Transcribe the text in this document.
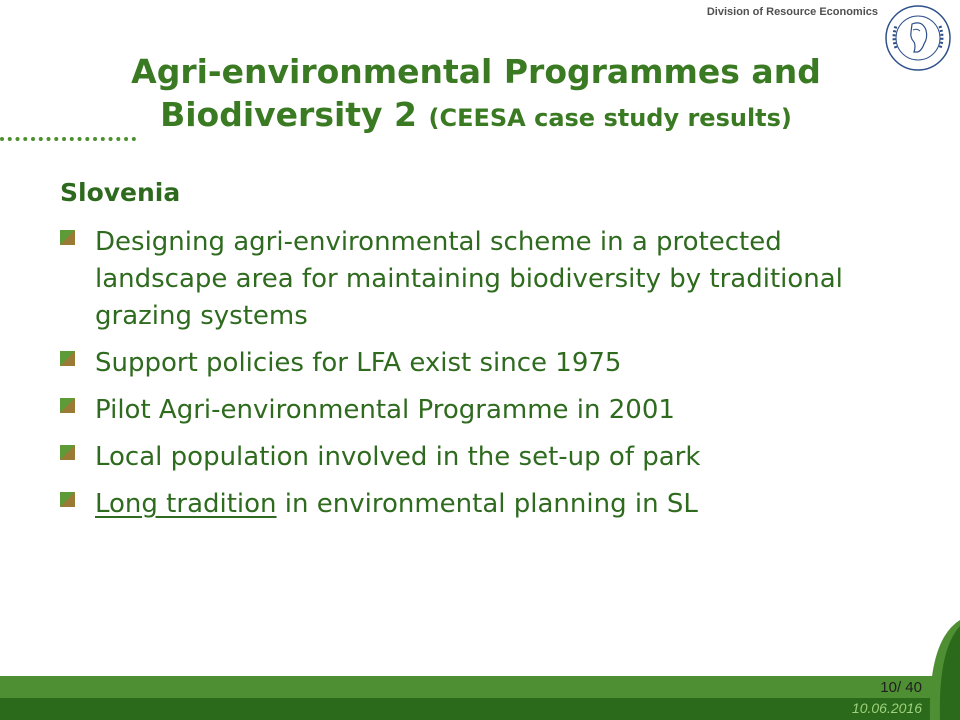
Division of Resource Economics
Agri-environmental Programmes and Biodiversity 2 (CEESA case study results)
Slovenia
Designing agri-environmental scheme in a protected landscape area for maintaining biodiversity by traditional grazing systems
Support policies for LFA exist since 1975
Pilot Agri-environmental Programme in 2001
Local population involved in the set-up of park
Long tradition in environmental planning in SL
10/ 40
10.06.2016
